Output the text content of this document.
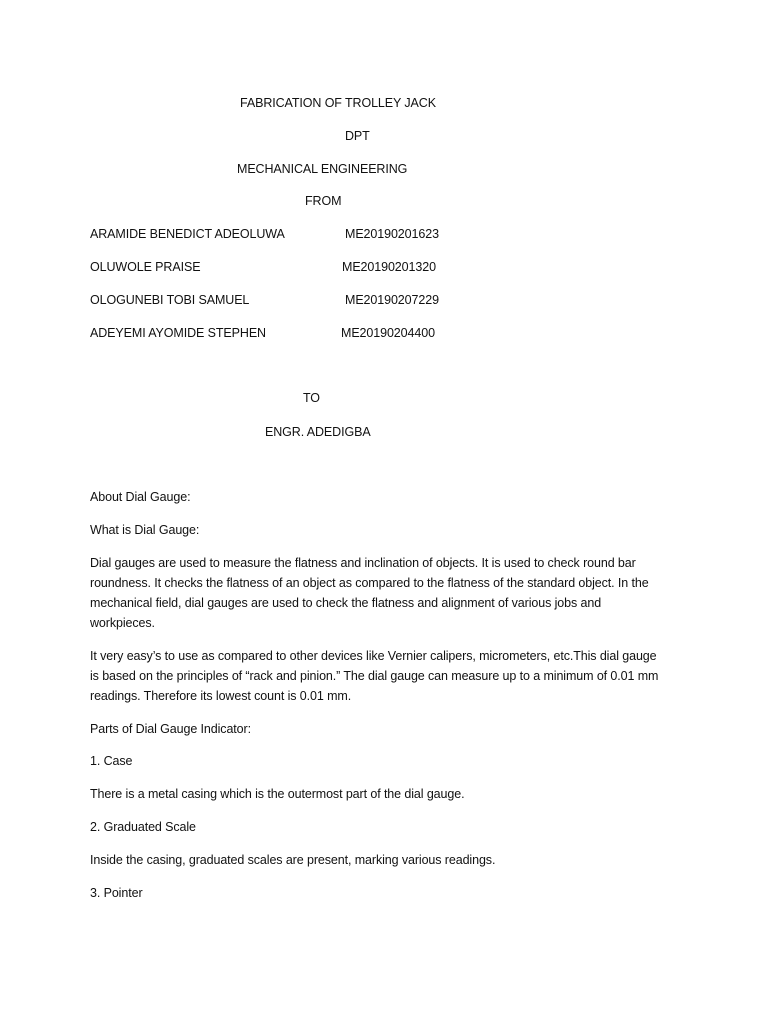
FABRICATION OF TROLLEY JACK
DPT
MECHANICAL ENGINEERING
FROM
ARAMIDE BENEDICT ADEOLUWA	ME20190201623
OLUWOLE PRAISE	ME20190201320
OLOGUNEBI TOBI SAMUEL	ME20190207229
ADEYEMI AYOMIDE STEPHEN	ME20190204400
TO
ENGR. ADEDIGBA
About Dial Gauge:
What is Dial Gauge:
Dial gauges are used to measure the flatness and inclination of objects. It is used to check round bar
roundness. It checks the flatness of an object as compared to the flatness of the standard object. In the
mechanical field, dial gauges are used to check the flatness and alignment of various jobs and
workpieces.
It very easy’s to use as compared to other devices like Vernier calipers, micrometers, etc.This dial gauge
is based on the principles of “rack and pinion.” The dial gauge can measure up to a minimum of 0.01 mm
readings. Therefore its lowest count is 0.01 mm.
Parts of Dial Gauge Indicator:
1. Case
There is a metal casing which is the outermost part of the dial gauge.
2. Graduated Scale
Inside the casing, graduated scales are present, marking various readings.
3. Pointer
